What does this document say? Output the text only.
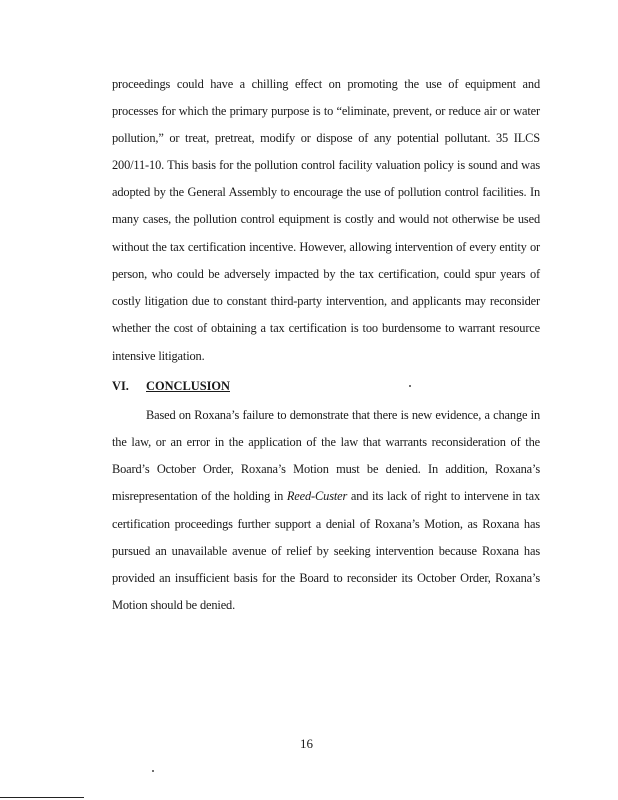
proceedings could have a chilling effect on promoting the use of equipment and
processes for which the primary purpose is to “eliminate, prevent, or reduce air or water
pollution,” or treat, pretreat, modify or dispose of any potential pollutant. 35 ILCS
200/11-10. This basis for the pollution control facility valuation policy is sound and was
adopted by the General Assembly to encourage the use of pollution control facilities. In
many cases, the pollution control equipment is costly and would not otherwise be used
without the tax certification incentive. However, allowing intervention of every entity or
person, who could be adversely impacted by the tax certification, could spur years of
costly litigation due to constant third-party intervention, and applicants may reconsider
whether the cost of obtaining a tax certification is too burdensome to warrant resource
intensive litigation.
VI. CONCLUSION
Based on Roxana’s failure to demonstrate that there is new evidence, a change in
the law, or an error in the application of the law that warrants reconsideration of the
Board’s October Order, Roxana’s Motion must be denied. In addition, Roxana’s
misrepresentation of the holding in Reed-Custer and its lack of right to intervene in tax
certification proceedings further support a denial of Roxana’s Motion, as Roxana has
pursued an unavailable avenue of relief by seeking intervention because Roxana has
provided an insufficient basis for the Board to reconsider its October Order, Roxana’s
Motion should be denied.
16
